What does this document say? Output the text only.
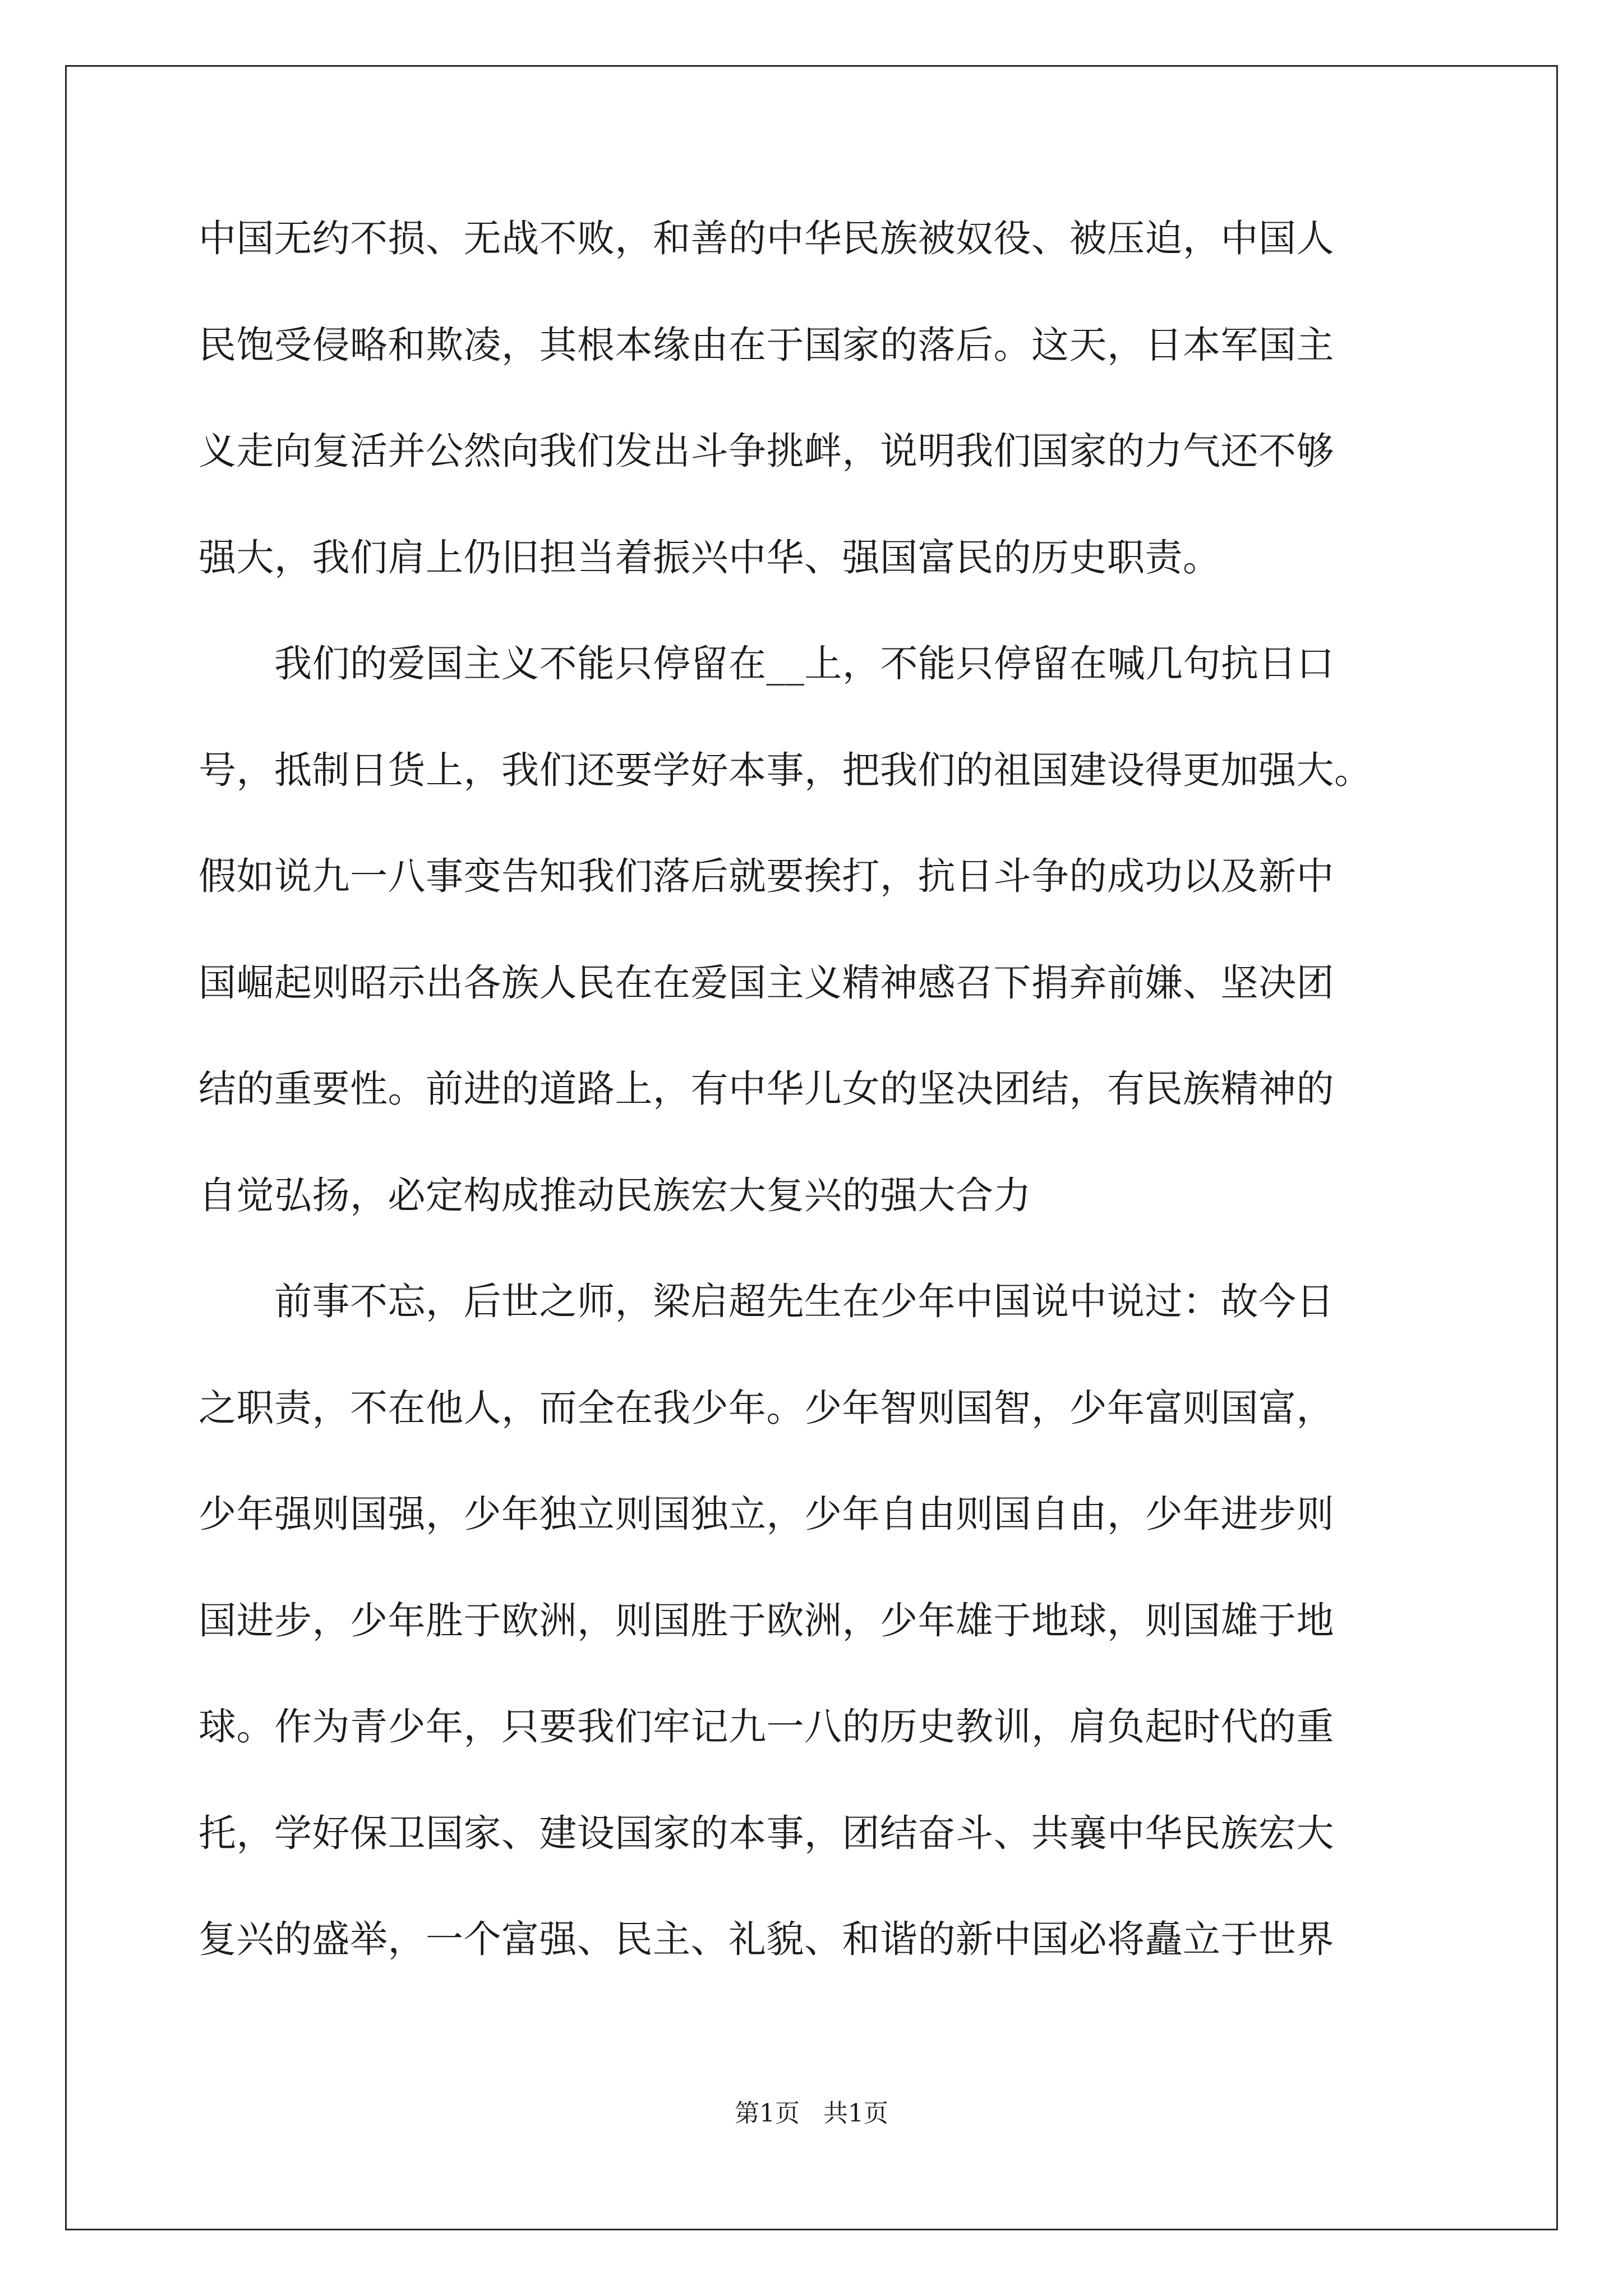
中国无约不损、无战不败，和善的中华民族被奴役、被压迫，中国人
民饱受侵略和欺凌，其根本缘由在于国家的落后。这天，日本军国主
义走向复活并公然向我们发出斗争挑衅，说明我们国家的力气还不够
强大，我们肩上仍旧担当着振兴中华、强国富民的历史职责。
　　我们的爱国主义不能只停留在__上，不能只停留在喊几句抗日口
号，抵制日货上，我们还要学好本事，把我们的祖国建设得更加强大。
假如说九一八事变告知我们落后就要挨打，抗日斗争的成功以及新中
国崛起则昭示出各族人民在在爱国主义精神感召下捐弃前嫌、坚决团
结的重要性。前进的道路上，有中华儿女的坚决团结，有民族精神的
自觉弘扬，必定构成推动民族宏大复兴的强大合力
　　前事不忘，后世之师，梁启超先生在少年中国说中说过：故今日
之职责，不在他人，而全在我少年。少年智则国智，少年富则国富，
少年强则国强，少年独立则国独立，少年自由则国自由，少年进步则
国进步，少年胜于欧洲，则国胜于欧洲，少年雄于地球，则国雄于地
球。作为青少年，只要我们牢记九一八的历史教训，肩负起时代的重
托，学好保卫国家、建设国家的本事，团结奋斗、共襄中华民族宏大
复兴的盛举，一个富强、民主、礼貌、和谐的新中国必将矗立于世界
第1页 共1页
